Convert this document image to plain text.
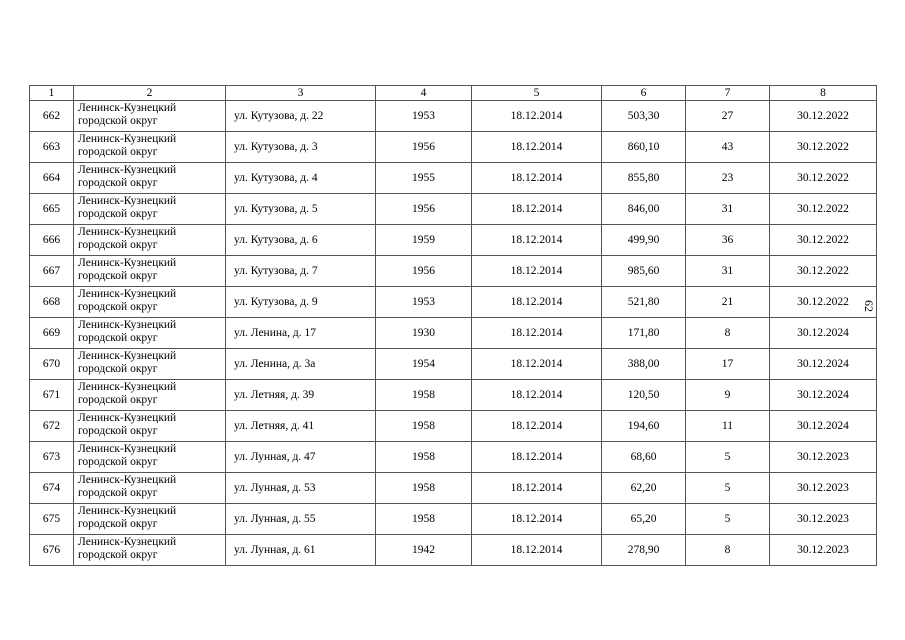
1	2	3	4	5	6	7	8
662	Ленинск-Кузнецкий городской округ	ул. Кутузова, д. 22	1953	18.12.2014	503,30	27	30.12.2022
663	Ленинск-Кузнецкий городской округ	ул. Кутузова, д. 3	1956	18.12.2014	860,10	43	30.12.2022
664	Ленинск-Кузнецкий городской округ	ул. Кутузова, д. 4	1955	18.12.2014	855,80	23	30.12.2022
665	Ленинск-Кузнецкий городской округ	ул. Кутузова, д. 5	1956	18.12.2014	846,00	31	30.12.2022
666	Ленинск-Кузнецкий городской округ	ул. Кутузова, д. 6	1959	18.12.2014	499,90	36	30.12.2022
667	Ленинск-Кузнецкий городской округ	ул. Кутузова, д. 7	1956	18.12.2014	985,60	31	30.12.2022
668	Ленинск-Кузнецкий городской округ	ул. Кутузова, д. 9	1953	18.12.2014	521,80	21	30.12.2022
669	Ленинск-Кузнецкий городской округ	ул. Ленина, д. 17	1930	18.12.2014	171,80	8	30.12.2024
670	Ленинск-Кузнецкий городской округ	ул. Ленина, д. 3а	1954	18.12.2014	388,00	17	30.12.2024
671	Ленинск-Кузнецкий городской округ	ул. Летняя, д. 39	1958	18.12.2014	120,50	9	30.12.2024
672	Ленинск-Кузнецкий городской округ	ул. Летняя, д. 41	1958	18.12.2014	194,60	11	30.12.2024
673	Ленинск-Кузнецкий городской округ	ул. Лунная, д. 47	1958	18.12.2014	68,60	5	30.12.2023
674	Ленинск-Кузнецкий городской округ	ул. Лунная, д. 53	1958	18.12.2014	62,20	5	30.12.2023
675	Ленинск-Кузнецкий городской округ	ул. Лунная, д. 55	1958	18.12.2014	65,20	5	30.12.2023
676	Ленинск-Кузнецкий городской округ	ул. Лунная, д. 61	1942	18.12.2014	278,90	8	30.12.2023
62
